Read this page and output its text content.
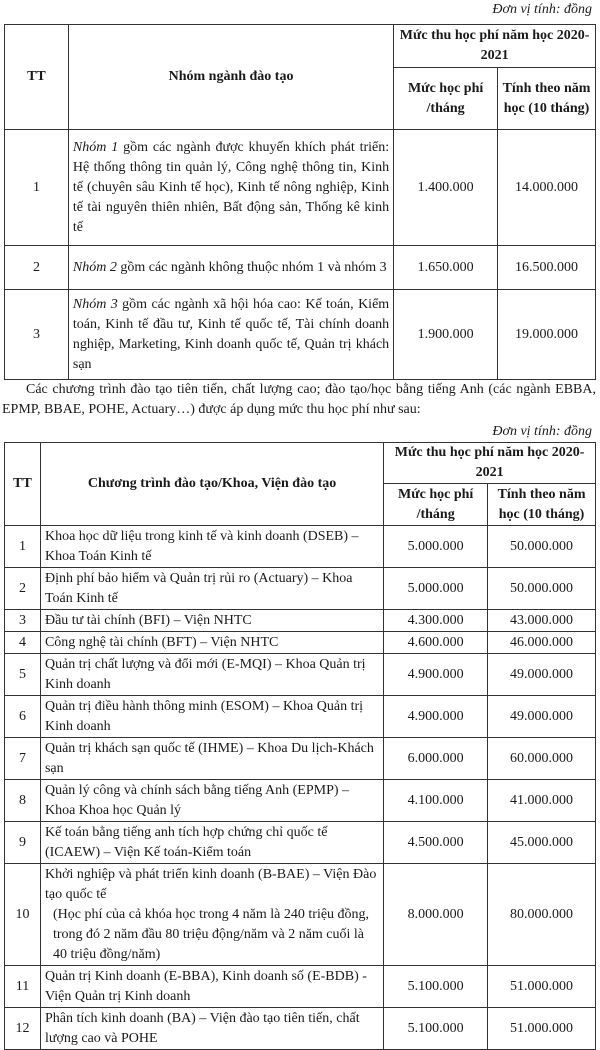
Đơn vị tính: đồng
TT	Nhóm ngành đào tạo	Mức thu học phí năm học 2020-2021	
		Mức học phí /tháng	Tính theo năm học (10 tháng)
1	Nhóm 1 gồm các ngành được khuyến khích phát triển: Hệ thống thông tin quản lý, Công nghệ thông tin, Kinh tế (chuyên sâu Kinh tế học), Kinh tế nông nghiệp, Kinh tế tài nguyên thiên nhiên, Bất động sản, Thống kê kinh tế	1.400.000	14.000.000
2	Nhóm 2 gồm các ngành không thuộc nhóm 1 và nhóm 3	1.650.000	16.500.000
3	Nhóm 3 gồm các ngành xã hội hóa cao: Kế toán, Kiểm toán, Kinh tế đầu tư, Kinh tế quốc tế, Tài chính doanh nghiệp, Marketing, Kinh doanh quốc tế, Quản trị khách sạn	1.900.000	19.000.000
Các chương trình đào tạo tiên tiến, chất lượng cao; đào tạo/học bằng tiếng Anh (các ngành EBBA, EPMP, BBAE, POHE, Actuary…) được áp dụng mức thu học phí như sau:
Đơn vị tính: đồng
TT	Chương trình đào tạo/Khoa, Viện đào tạo	Mức thu học phí năm học 2020-2021	
		Mức học phí /tháng	Tính theo năm học (10 tháng)
1	Khoa học dữ liệu trong kinh tế và kinh doanh (DSEB) – Khoa Toán Kinh tế	5.000.000	50.000.000
2	Định phí bảo hiểm và Quản trị rủi ro (Actuary) – Khoa Toán Kinh tế	5.000.000	50.000.000
3	Đầu tư tài chính (BFI) – Viện NHTC	4.300.000	43.000.000
4	Công nghệ tài chính (BFT) – Viện NHTC	4.600.000	46.000.000
5	Quản trị chất lượng và đổi mới (E-MQI) – Khoa Quản trị Kinh doanh	4.900.000	49.000.000
6	Quản trị điều hành thông minh (ESOM) – Khoa Quản trị Kinh doanh	4.900.000	49.000.000
7	Quản trị khách sạn quốc tế (IHME) – Khoa Du lịch-Khách sạn	6.000.000	60.000.000
8	Quản lý công và chính sách bằng tiếng Anh (EPMP) – Khoa Khoa học Quản lý	4.100.000	41.000.000
9	Kế toán bằng tiếng anh tích hợp chứng chỉ quốc tế (ICAEW) – Viện Kế toán-Kiểm toán	4.500.000	45.000.000
10	Khởi nghiệp và phát triển kinh doanh (B-BAE) – Viện Đào tạo quốc tế
(Học phí của cả khóa học trong 4 năm là 240 triệu đồng, trong đó 2 năm đầu 80 triệu động/năm và 2 năm cuối là 40 triệu đồng/năm)	8.000.000	80.000.000
11	Quản trị Kinh doanh (E-BBA), Kinh doanh số (E-BDB) - Viện Quản trị Kinh doanh	5.100.000	51.000.000
12	Phân tích kinh doanh (BA) – Viện đào tạo tiên tiến, chất lượng cao và POHE	5.100.000	51.000.000
